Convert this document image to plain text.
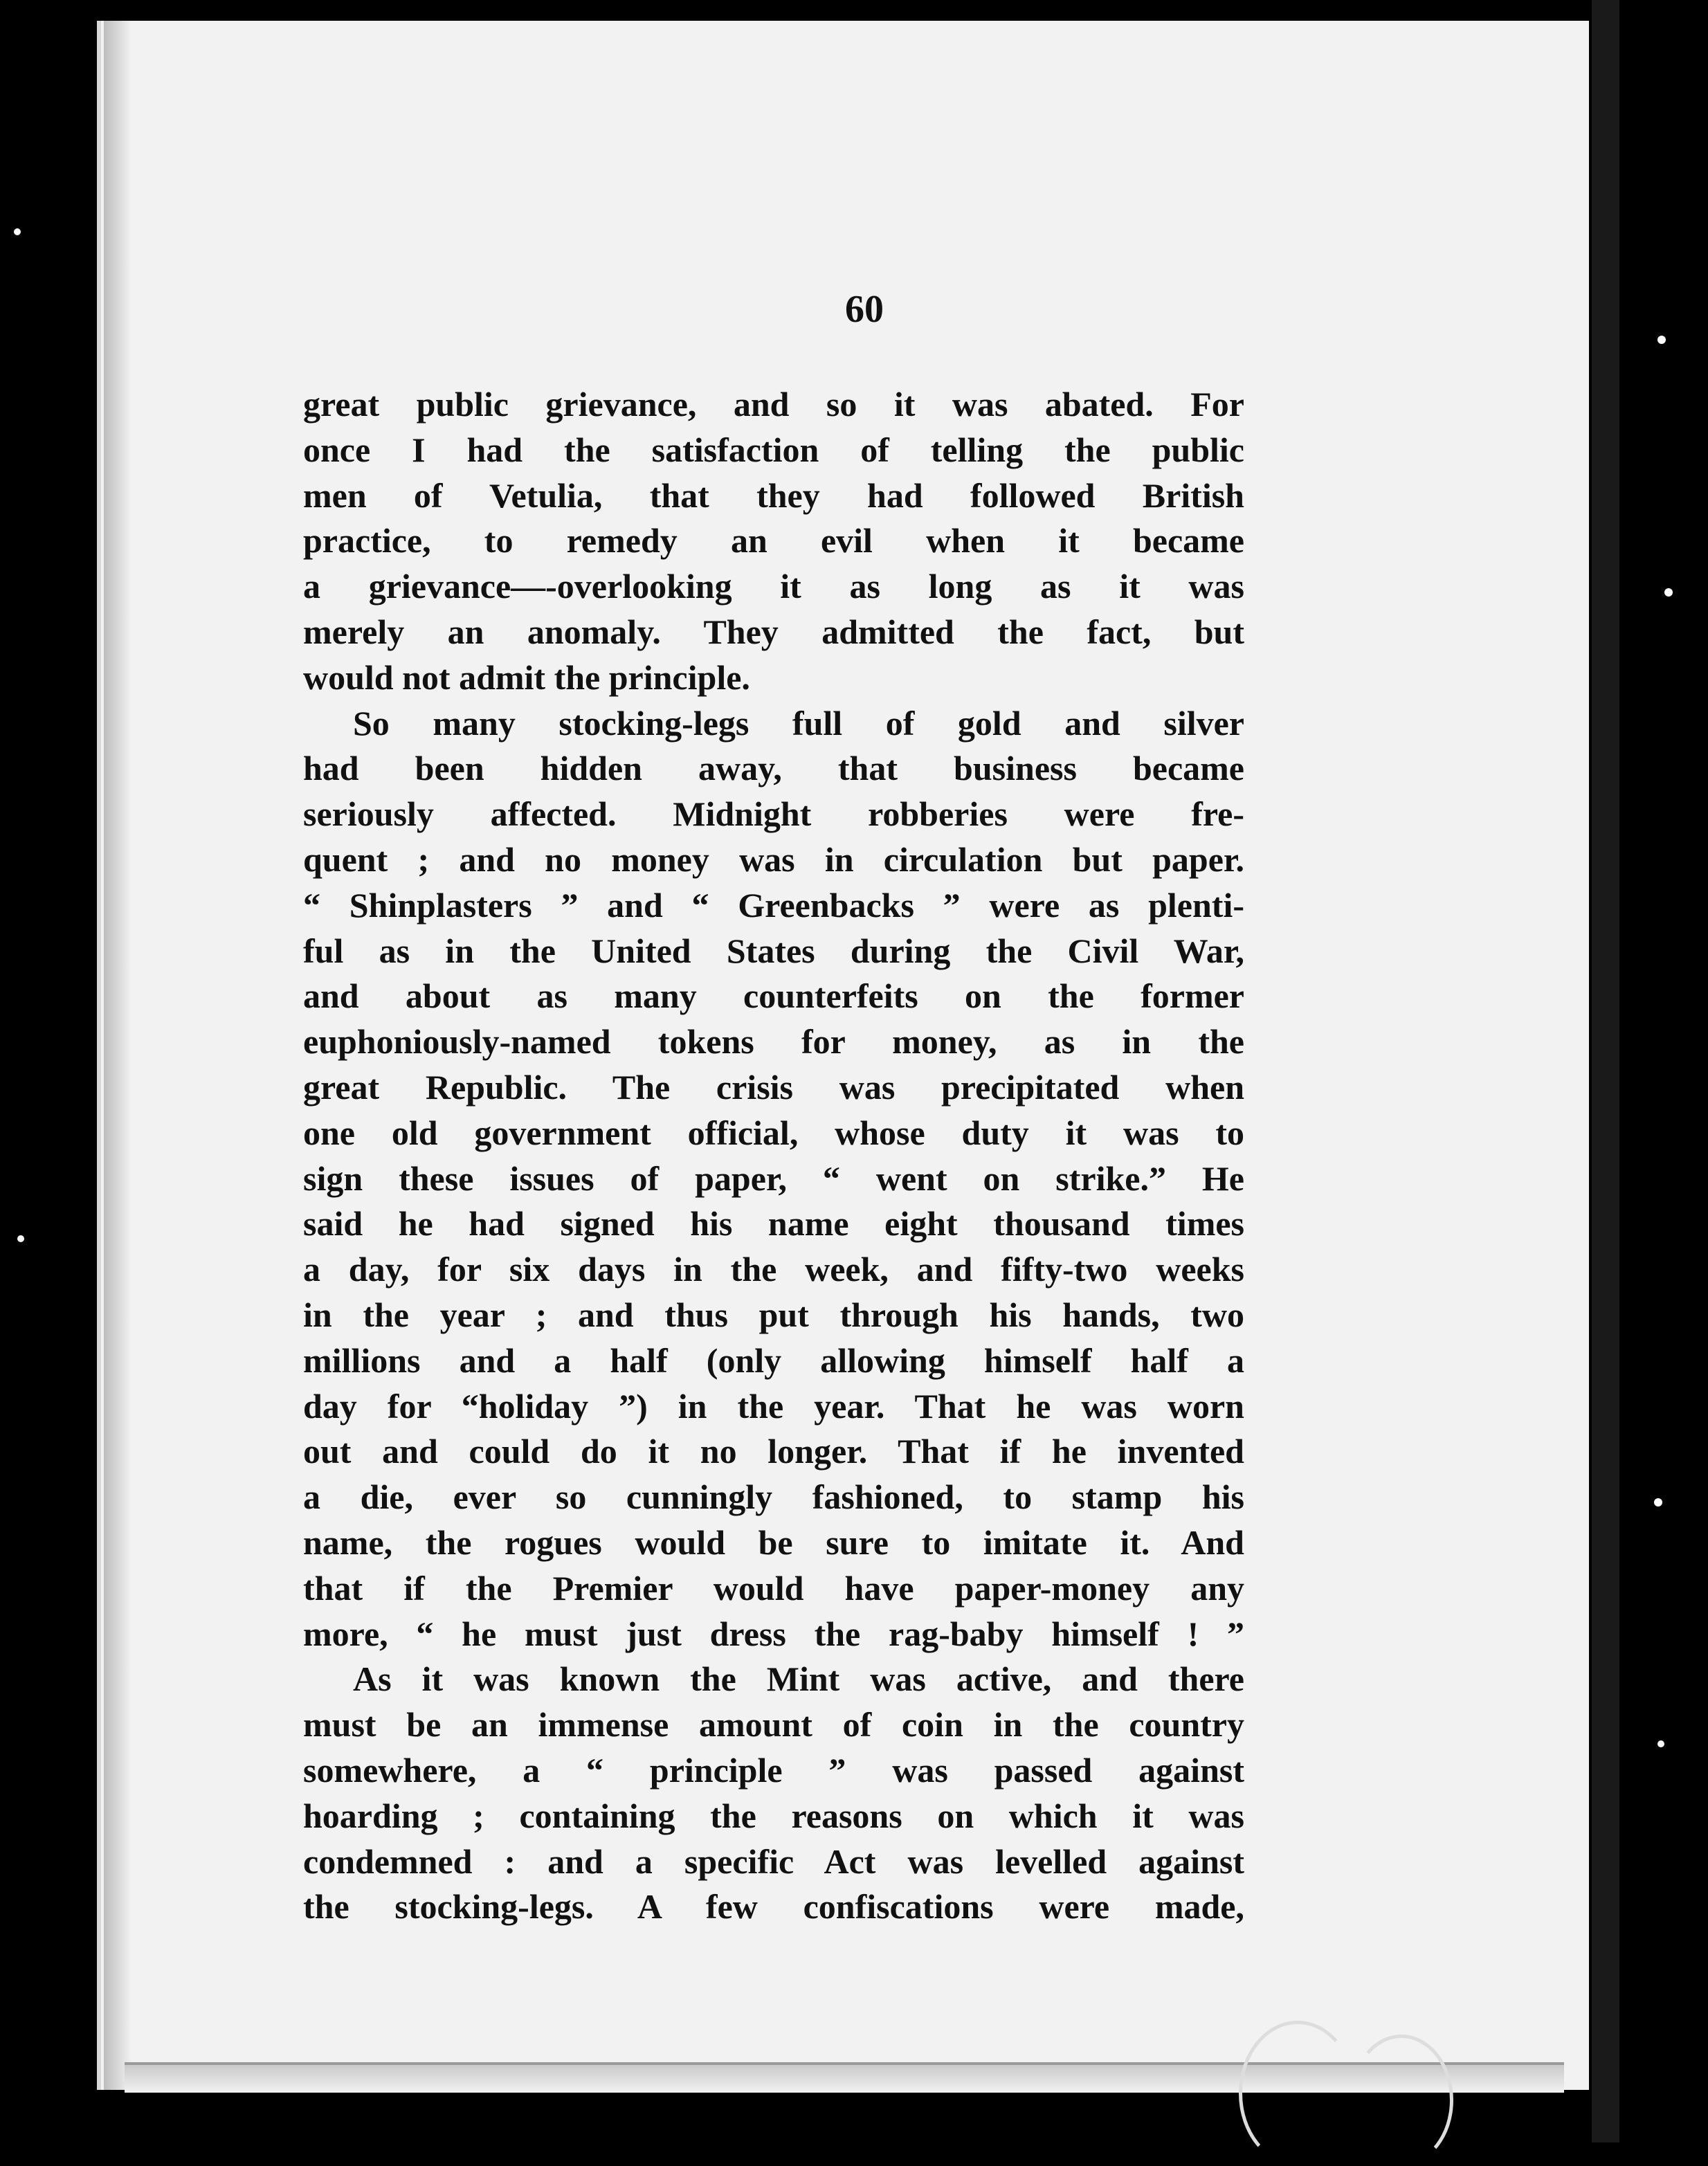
60
great public grievance, and so it was abated. For
once I had the satisfaction of telling the public
men of Vetulia, that they had followed British
practice, to remedy an evil when it became
a grievance—-overlooking it as long as it was
merely an anomaly. They admitted the fact, but
would not admit the principle.
So many stocking-legs full of gold and silver
had been hidden away, that business became
seriously affected. Midnight robberies were fre-
quent ; and no money was in circulation but paper.
“ Shinplasters ” and “ Greenbacks ” were as plenti-
ful as in the United States during the Civil War,
and about as many counterfeits on the former
euphoniously-named tokens for money, as in the
great Republic. The crisis was precipitated when
one old government official, whose duty it was to
sign these issues of paper, “ went on strike.” He
said he had signed his name eight thousand times
a day, for six days in the week, and fifty-two weeks
in the year ; and thus put through his hands, two
millions and a half (only allowing himself half a
day for “holiday ”) in the year. That he was worn
out and could do it no longer. That if he invented
a die, ever so cunningly fashioned, to stamp his
name, the rogues would be sure to imitate it. And
that if the Premier would have paper-money any
more, “ he must just dress the rag-baby himself ! ”
As it was known the Mint was active, and there
must be an immense amount of coin in the country
somewhere, a “ principle ” was passed against
hoarding ; containing the reasons on which it was
condemned : and a specific Act was levelled against
the stocking-legs. A few confiscations were made,
